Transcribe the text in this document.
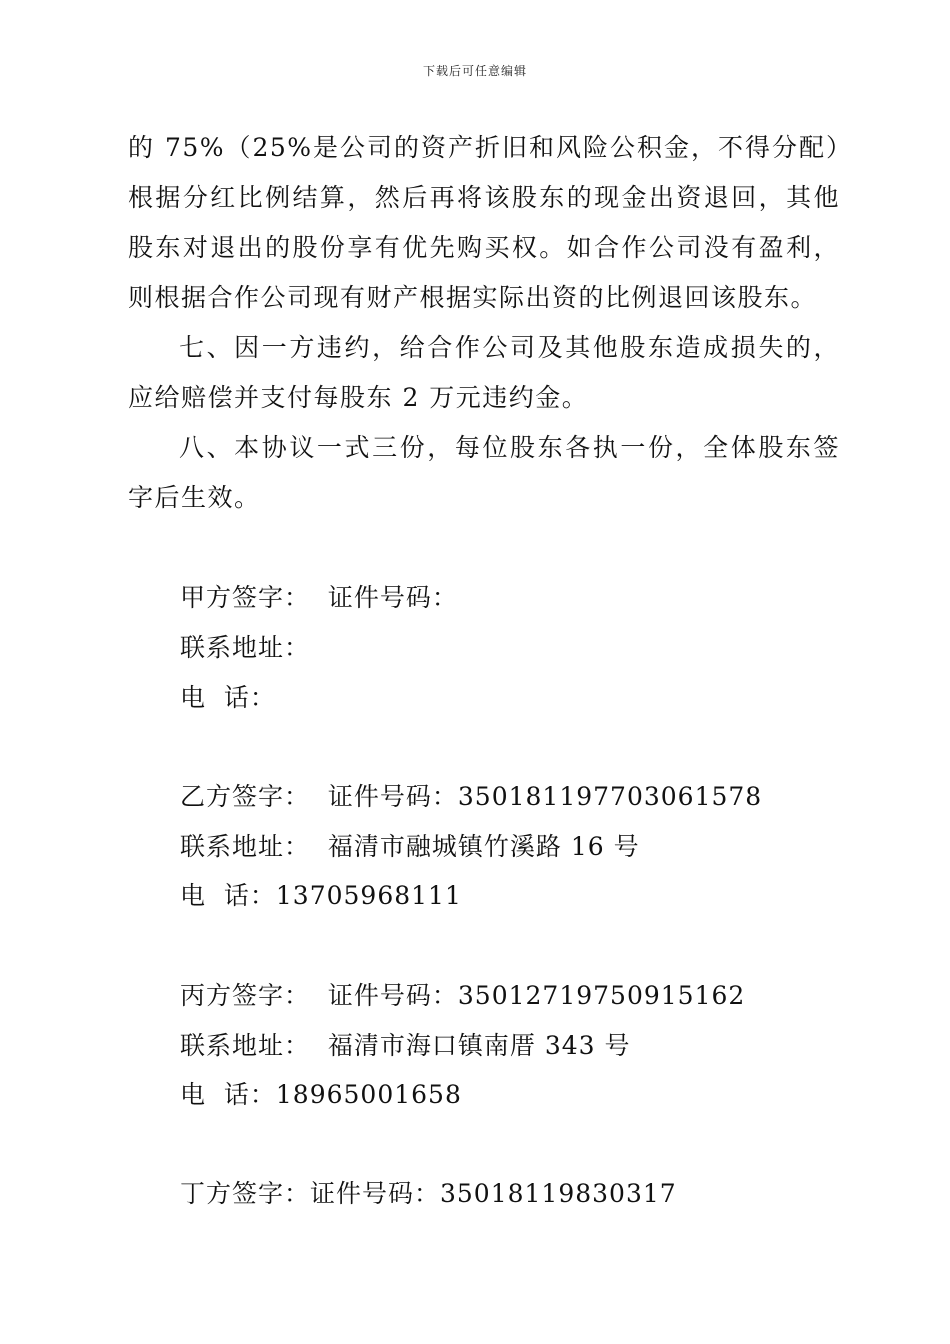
下载后可任意编辑

的 75%（25%是公司的资产折旧和风险公积金，不得分配）根据分红比例结算，然后再将该股东的现金出资退回，其他股东对退出的股份享有优先购买权。如合作公司没有盈利，则根据合作公司现有财产根据实际出资的比例退回该股东。

七、因一方违约，给合作公司及其他股东造成损失的，应给赔偿并支付每股东 2 万元违约金。

八、本协议一式三份，每位股东各执一份，全体股东签字后生效。

甲方签字：  证件号码：
联系地址：
电  话：
乙方签字：  证件号码：350181197703061578
联系地址：  福清市融城镇竹溪路 16 号
电  话：13705968111
丙方签字：  证件号码：35012719750915162
联系地址：  福清市海口镇南厝 343 号
电  话：18965001658
丁方签字：证件号码：35018119830317
